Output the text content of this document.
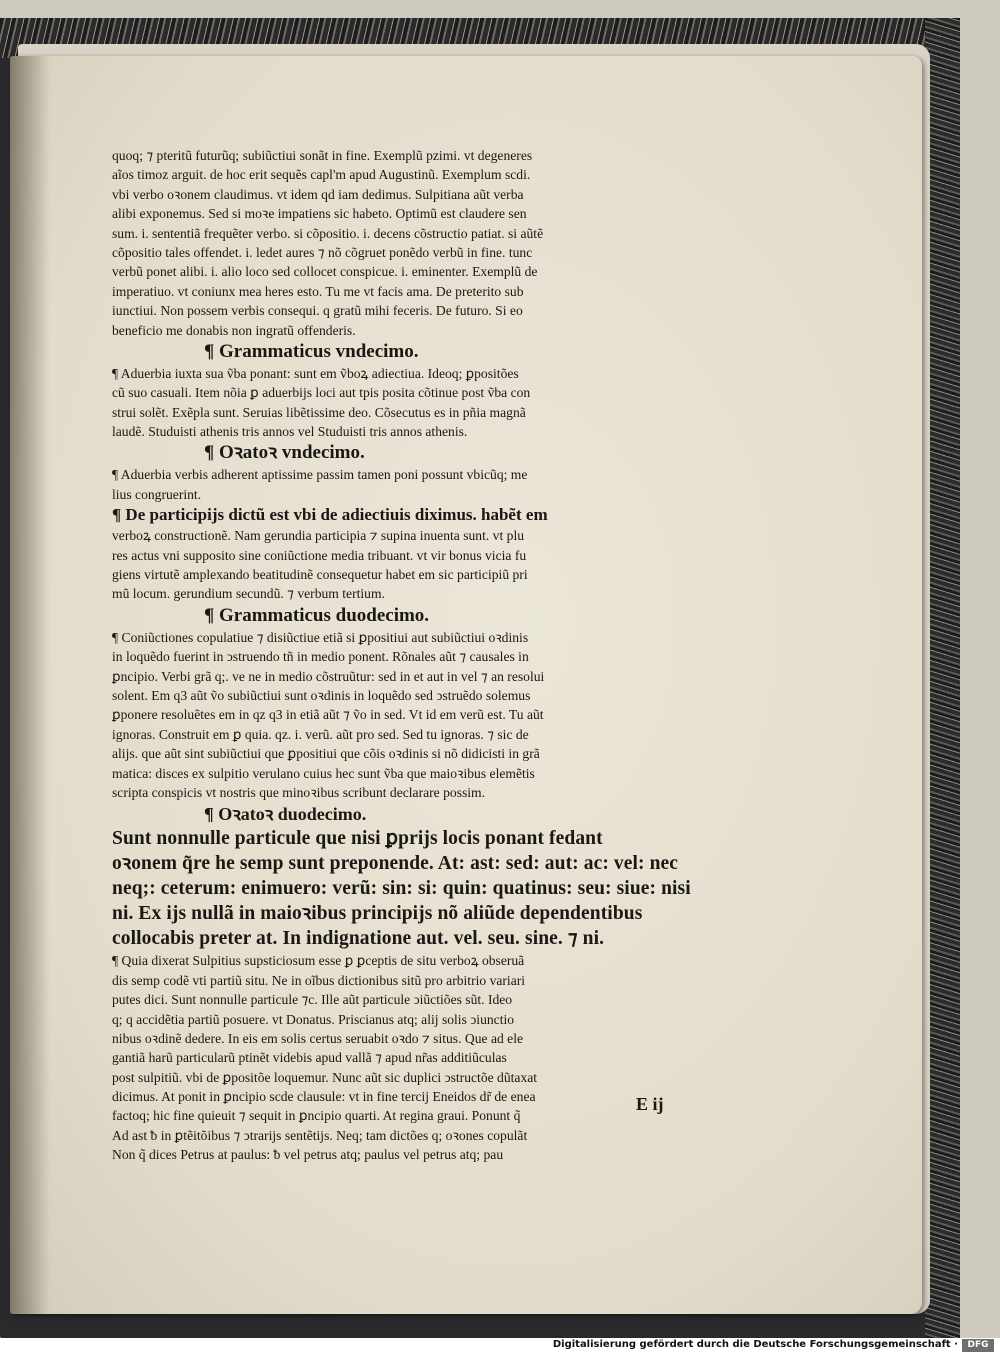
quoq; ⁊ pteritũ futurũq; subiũctiui sonãt in fine. Exemplũ pzimi. vt degeneres
aĩos timoz arguit. de hoc erit sequẽs capl'm apud Augustinũ. Exemplum scdi.
vbi verbo oꝛonem claudimus. vt idem qd iam dedimus. Sulpitiana aũt verba
alibi exponemus. Sed si moꝛe impatiens sic habeto. Optimũ est claudere sen
sum. i. sententiã frequẽter verbo. si cõpositio. i. decens cõstructio patiat. si aũtẽ
cõpositio tales offendet. i. ledet aures ⁊ nõ cõgruet ponẽdo verbũ in fine. tunc
verbũ ponet alibi. i. alio loco sed collocet conspicue. i. eminenter. Exemplũ de
imperatiuo. vt coniunx mea heres esto. Tu me vt facis ama. De preterito sub
iunctiui. Non possem verbis consequi. q gratũ mihi feceris. De futuro. Si eo
beneficio me donabis non ingratũ offenderis.
¶ Grammaticus vndecimo.
¶ Aduerbia iuxta sua ṽba ponant: sunt em ṽboꝝ adiectiua. Ideoq; ꝑpositões
cũ suo casuali. Item nõia ꝑ aduerbijs loci aut tpis posita cõtinue post ṽba con
strui solẽt. Exẽpla sunt. Seruias libẽtissime deo. Cõsecutus es in pñia magnã
laudẽ. Studuisti athenis tris annos vel Studuisti tris annos athenis.
¶ Oꝛatoꝛ vndecimo.
¶ Aduerbia verbis adherent aptissime passim tamen poni possunt vbicũq; me
lius congruerint.
¶ De participijs dictũ est vbi de adiectiuis diximus. habẽt em
verboꝝ constructionẽ. Nam gerundia participia ⁊ supina inuenta sunt. vt plu
res actus vni supposito sine coniũctione media tribuant. vt vir bonus vicia fu
giens virtutẽ amplexando beatitudinẽ consequetur habet em sic participiũ pri
mũ locum. gerundium secundũ. ⁊ verbum tertium.
¶ Grammaticus duodecimo.
¶ Coniũctiones copulatiue ⁊ disiũctiue etiã si ꝑpositiui aut subiũctiui oꝛdinis
in loquẽdo fuerint in ↄstruendo tñ in medio ponent. Rõnales aũt ⁊ causales in
ꝑncipio. Verbi grã q;. ve ne in medio cõstruũtur: sed in et aut in vel ⁊ an resolui
solent. Em q3 aũt ṽo subiũctiui sunt oꝛdinis in loquẽdo sed ↄstruẽdo solemus
ꝑponere resoluẽtes em in qz q3 in etiã aũt ⁊ ṽo in sed. Vt id em verũ est. Tu aũt
ignoras. Construit em ꝑ quia. qz. i. verũ. aũt pro sed. Sed tu ignoras. ⁊ sic de
alijs. que aũt sint subiũctiui que ꝑpositiui que cõis oꝛdinis si nõ didicisti in grã
matica: disces ex sulpitio verulano cuius hec sunt ṽba que maioꝛibus elemẽtis
scripta conspicis vt nostris que minoꝛibus scribunt declarare possim.
¶ Oꝛatoꝛ duodecimo.
Sunt nonnulle particule que nisi ꝑprijs locis ponant fedant
oꝛonem q̃re he semp sunt preponende. At: ast: sed: aut: ac: vel: nec
neq;: ceterum: enimuero: verũ: sin: si: quin: quatinus: seu: siue: nisi
ni. Ex ijs nullã in maioꝛibus principijs nõ aliũde dependentibus
collocabis preter at. In indignatione aut. vel. seu. sine. ⁊ ni.
¶ Quia dixerat Sulpitius supsticiosum esse ꝑ ꝑceptis de situ verboꝝ obseruã
dis semp codẽ vti partiũ situ. Ne in oĩbus dictionibus sitũ pro arbitrio variari
putes dici. Sunt nonnulle particule ⁊c. Ille aũt particule ↄiũctiões sũt. Ideo
q; q accidẽtia partiũ posuere. vt Donatus. Priscianus atq; alij solis ↄiunctio
nibus oꝛdinẽ dedere. In eis em solis certus seruabit oꝛdo ⁊ situs. Que ad ele
gantiã harũ particularũ ptinẽt videbis apud vallã ⁊ apud nr̃as additiũculas
post sulpitiũ. vbi de ꝑpositõe loquemur. Nunc aũt sic duplici ↄstructõe dũtaxat
dicimus. At ponit in ꝑncipio scde clausule: vt in fine tercij Eneidos dr̃ de enea
factoq; hic fine quieuit ⁊ sequit in ꝑncipio quarti. At regina graui. Ponunt q̃
Ad ast ᵬ in ꝑtẽitõibus ⁊ ↄtrarijs sentẽtijs. Neq; tam dictões q; oꝛones copulãt
Non q̃ dices Petrus at paulus: ᵬ vel petrus atq; paulus vel petrus atq; pau
E ij
Digitalisierung gefördert durch die Deutsche Forschungsgemeinschaft ·	DFG
